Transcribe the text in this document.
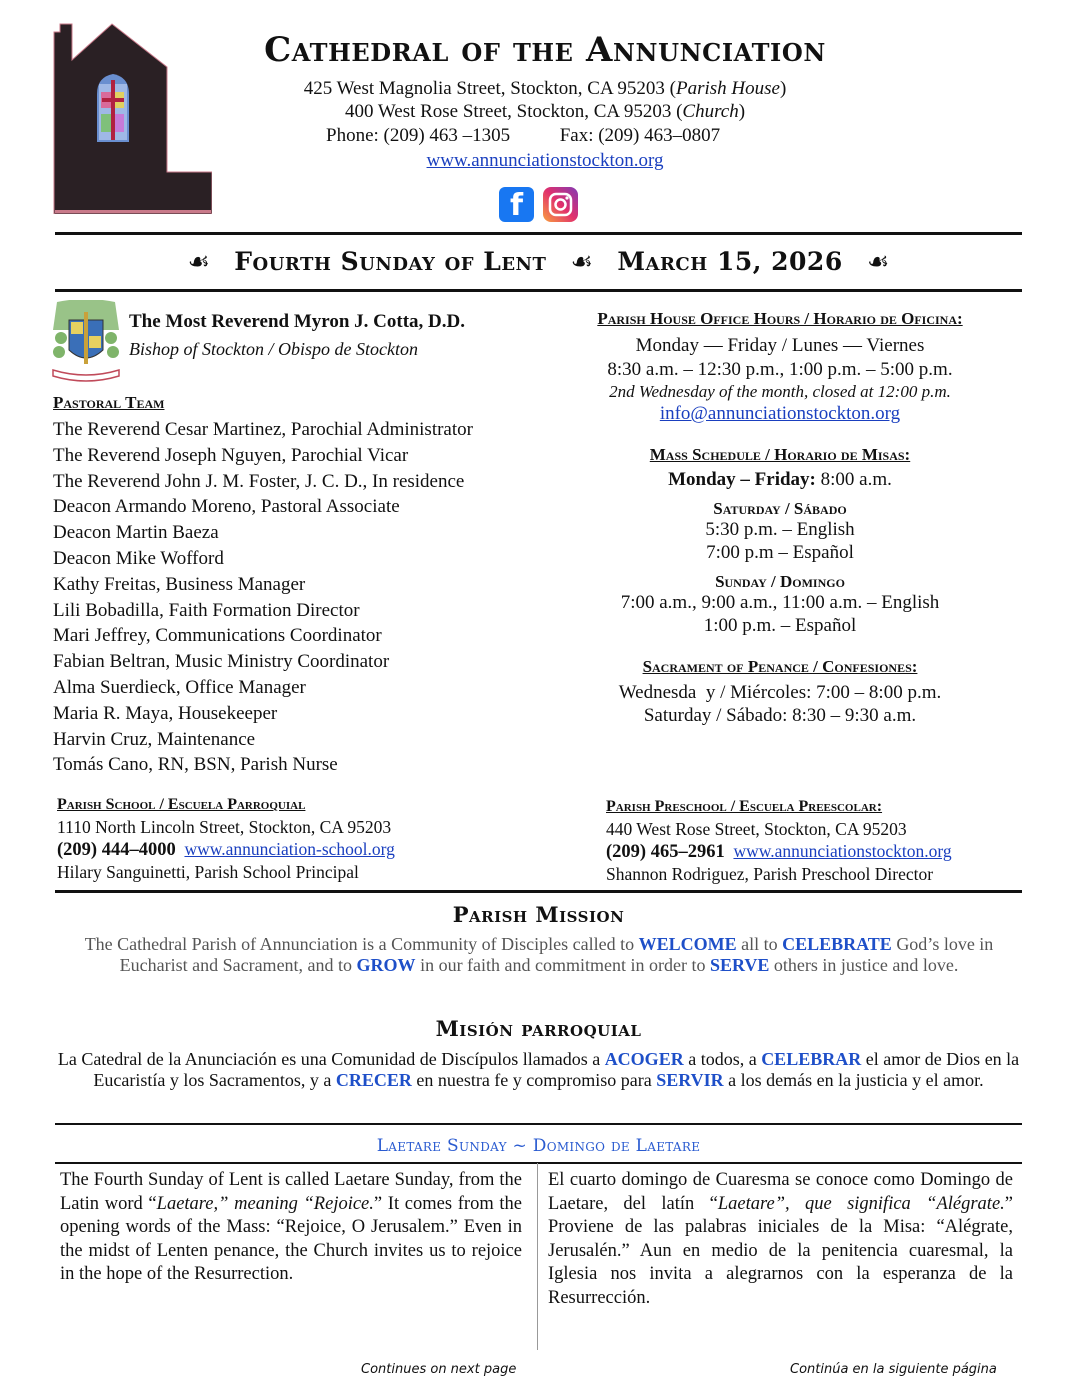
Cathedral of the Annunciation
425 West Magnolia Street, Stockton, CA 95203 (Parish House)
400 West Rose Street, Stockton, CA 95203 (Church)
Phone: (209) 463 –1305	Fax: (209) 463–0807
www.annunciationstockton.org
f
☙ Fourth Sunday of Lent ☙ March 15, 2026 ☙
The Most Reverend Myron J. Cotta, D.D.
Bishop of Stockton / Obispo de Stockton
Pastoral Team
The Reverend Cesar Martinez, Parochial Administrator
The Reverend Joseph Nguyen, Parochial Vicar
The Reverend John J. M. Foster, J. C. D., In residence
Deacon Armando Moreno, Pastoral Associate
Deacon Martin Baeza
Deacon Mike Wofford
Kathy Freitas, Business Manager
Lili Bobadilla, Faith Formation Director
Mari Jeffrey, Communications Coordinator
Fabian Beltran, Music Ministry Coordinator
Alma Suerdieck, Office Manager
Maria R. Maya, Housekeeper
Harvin Cruz, Maintenance
Tomás Cano, RN, BSN, Parish Nurse
Parish House Office Hours / Horario de Oficina:
Monday — Friday / Lunes — Viernes
8:30 a.m. – 12:30 p.m., 1:00 p.m. – 5:00 p.m.
2nd Wednesday of the month, closed at 12:00 p.m.
info@annunciationstockton.org
Mass Schedule / Horario de Misas:
Monday – Friday: 8:00 a.m.
Saturday / Sábado
5:30 p.m. – English
7:00 p.m – Español
Sunday / Domingo
7:00 a.m., 9:00 a.m., 11:00 a.m. – English
1:00 p.m. – Español
Sacrament of Penance / Confesiones:
Wednesda  y / Miércoles: 7:00 – 8:00 p.m.
Saturday / Sábado: 8:30 – 9:30 a.m.
Parish School / Escuela Parroquial
1110 North Lincoln Street, Stockton, CA 95203
(209) 444–4000 www.annunciation-school.org
Hilary Sanguinetti, Parish School Principal
Parish Preschool / Escuela Preescolar:
440 West Rose Street, Stockton, CA 95203
(209) 465–2961 www.annunciationstockton.org
Shannon Rodriguez, Parish Preschool Director
Parish Mission
The Cathedral Parish of Annunciation is a Community of Disciples called to WELCOME all to CELEBRATE God’s love in Eucharist and Sacrament, and to GROW in our faith and commitment in order to SERVE others in justice and love.
Misión parroquial
La Catedral de la Anunciación es una Comunidad de Discípulos llamados a ACOGER a todos, a CELEBRAR el amor de Dios en la Eucaristía y los Sacramentos, y a CRECER en nuestra fe y compromiso para SERVIR a los demás en la justicia y el amor.
Laetare Sunday ~ Domingo de Laetare

The Fourth Sunday of Lent is called Laetare Sunday, from the Latin word “Laetare,” meaning “Rejoice.” It comes from the opening words of the Mass: “Rejoice, O Jerusalem.” Even in the midst of Lenten penance, the Church invites us to rejoice in the hope of the Resurrection.

El cuarto domingo de Cuaresma se conoce como Domingo de Laetare, del latín “Laetare”, que significa “Alégrate.” Proviene de las palabras iniciales de la Misa: “Alégrate, Jerusalén.” Aun en medio de la penitencia cuaresmal, la Iglesia nos invita a alegrarnos con la esperanza de la Resurrección.

Continues on next page	Continúa en la siguiente página
